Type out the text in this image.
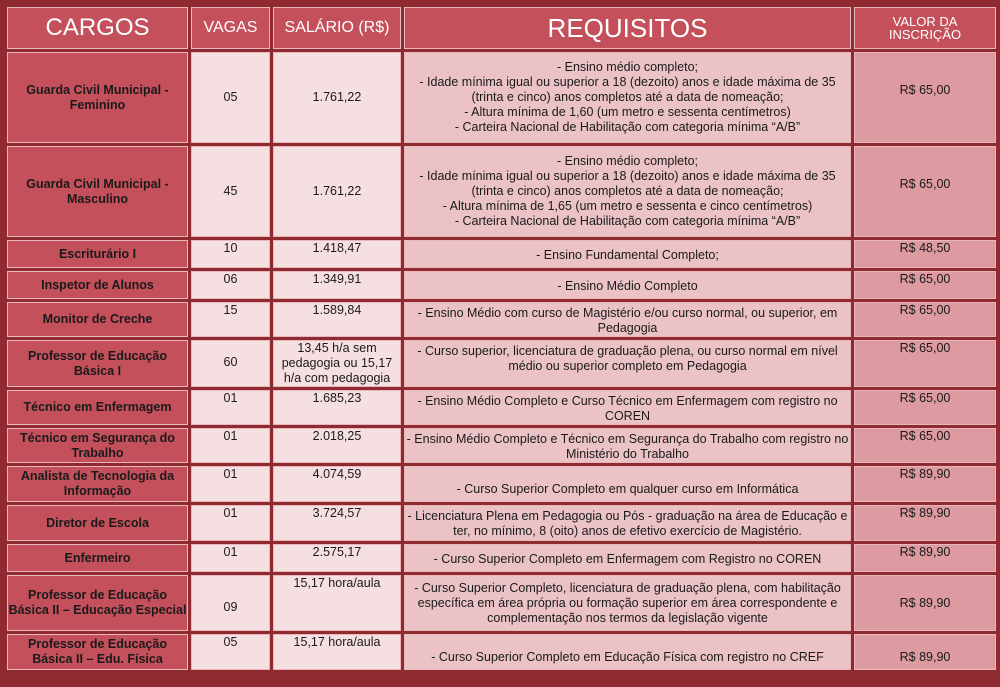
CARGOS	VAGAS	SALÁRIO (R$)	REQUISITOS	VALOR DA
INSCRIÇÃO
Guarda Civil Municipal - Feminino	05	1.761,22	- Ensino médio completo;
- Idade mínima igual ou superior a 18 (dezoito) anos e idade máxima de 35 (trinta e cinco) anos completos até a data de nomeação;
- Altura mínima de 1,60 (um metro e sessenta centímetros)
- Carteira Nacional de Habilitação com categoria mínima “A/B”	R$ 65,00

Guarda Civil Municipal - Masculino	45	1.761,22	- Ensino médio completo;
- Idade mínima igual ou superior a 18 (dezoito) anos e idade máxima de 35 (trinta e cinco) anos completos até a data de nomeação;
- Altura mínima de 1,65 (um metro e sessenta e cinco centímetros)
- Carteira Nacional de Habilitação com categoria mínima “A/B”	R$ 65,00

Escriturário I	10	1.418,47	- Ensino Fundamental Completo;	R$ 48,50
Inspetor de Alunos	06	1.349,91	- Ensino Médio Completo	R$ 65,00
Monitor de Creche	15	1.589,84	- Ensino Médio com curso de Magistério e/ou curso normal, ou superior, em Pedagogia	R$ 65,00
Professor de Educação Básica I	60	13,45 h/a sem pedagogia ou 15,17 h/a com pedagogia	- Curso superior, licenciatura de graduação plena, ou curso normal em nível médio ou superior completo em Pedagogia	R$ 65,00
Técnico em Enfermagem	01	1.685,23	- Ensino Médio Completo e Curso Técnico em Enfermagem com registro no COREN	R$ 65,00
Técnico em Segurança do Trabalho	01	2.018,25	- Ensino Médio Completo e Técnico em Segurança do Trabalho com registro no Ministério do Trabalho	R$ 65,00
Analista de Tecnologia da Informação	01	4.074,59	- Curso Superior Completo em qualquer curso em Informática	R$ 89,90
Diretor de Escola	01	3.724,57	- Licenciatura Plena em Pedagogia ou Pós - graduação na área de Educação e ter, no mínimo, 8 (oito) anos de efetivo exercício de Magistério.	R$ 89,90
Enfermeiro	01	2.575,17	- Curso Superior Completo em Enfermagem com Registro no COREN	R$ 89,90
Professor de Educação Básica II – Educação Especial	09	15,17 hora/aula	- Curso Superior Completo, licenciatura de graduação plena, com habilitação específica em área própria ou formação superior em área correspondente e complementação nos termos da legislação vigente	R$ 89,90
Professor de Educação Básica II – Edu. Física	05	15,17 hora/aula	- Curso Superior Completo em Educação Física com registro no CREF	R$ 89,90
